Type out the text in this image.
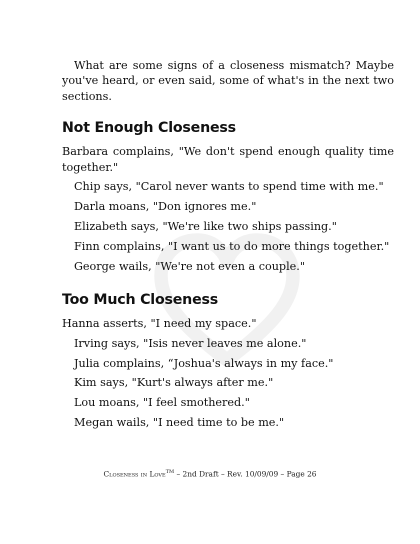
What are some signs of a closeness mismatch? Maybe you've heard, or even said, some of what's in the next two sections.

Not Enough Closeness

Barbara complains, "We don't spend enough quality time together."

Chip says, "Carol never wants to spend time with me."

Darla moans, "Don ignores me."

Elizabeth says, "We're like two ships passing."

Finn complains, "I want us to do more things together."

George wails, "We're not even a couple."

Too Much Closeness

Hanna asserts, "I need my space."

Irving says, "Isis never leaves me alone."

Julia complains, “Joshua's always in my face."

Kim says, "Kurt's always after me."

Lou moans, "I feel smothered."

Megan wails, "I need time to be me."

Closeness in Love™ – 2nd Draft – Rev. 10/09/09 – Page 26
